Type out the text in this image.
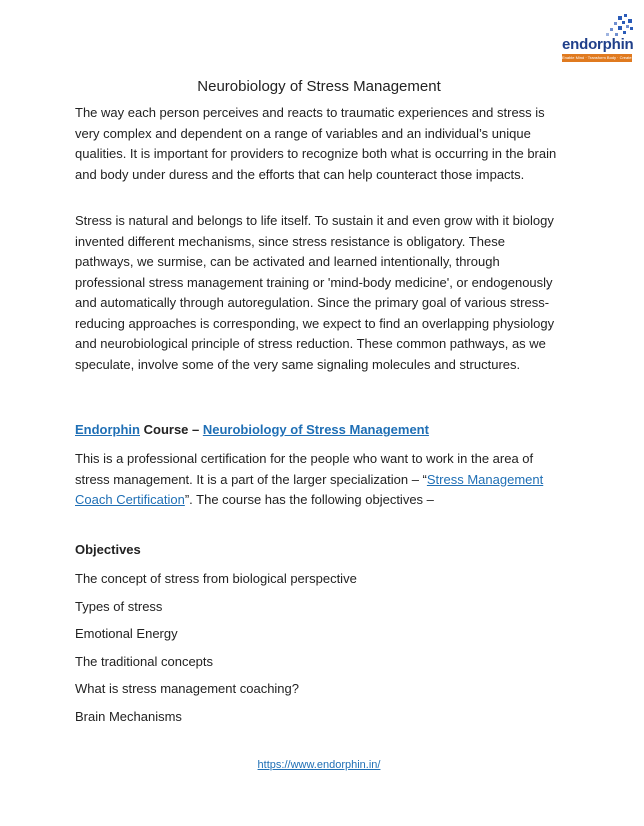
endorphin
Enable Mind · Transform Body · Create Future
Neurobiology of Stress Management
The way each person perceives and reacts to traumatic experiences and stress is very complex and dependent on a range of variables and an individual’s unique qualities. It is important for providers to recognize both what is occurring in the brain and body under duress and the efforts that can help counteract those impacts.
Stress is natural and belongs to life itself. To sustain it and even grow with it biology invented different mechanisms, since stress resistance is obligatory. These pathways, we surmise, can be activated and learned intentionally, through professional stress management training or 'mind-body medicine', or endogenously and automatically through autoregulation. Since the primary goal of various stress-reducing approaches is corresponding, we expect to find an overlapping physiology and neurobiological principle of stress reduction. These common pathways, as we speculate, involve some of the very same signaling molecules and structures.
Endorphin Course – Neurobiology of Stress Management
This is a professional certification for the people who want to work in the area of stress management. It is a part of the larger specialization – “Stress Management Coach Certification”. The course has the following objectives –
Objectives
The concept of stress from biological perspective
Types of stress
Emotional Energy
The traditional concepts
What is stress management coaching?
Brain Mechanisms
https://www.endorphin.in/
